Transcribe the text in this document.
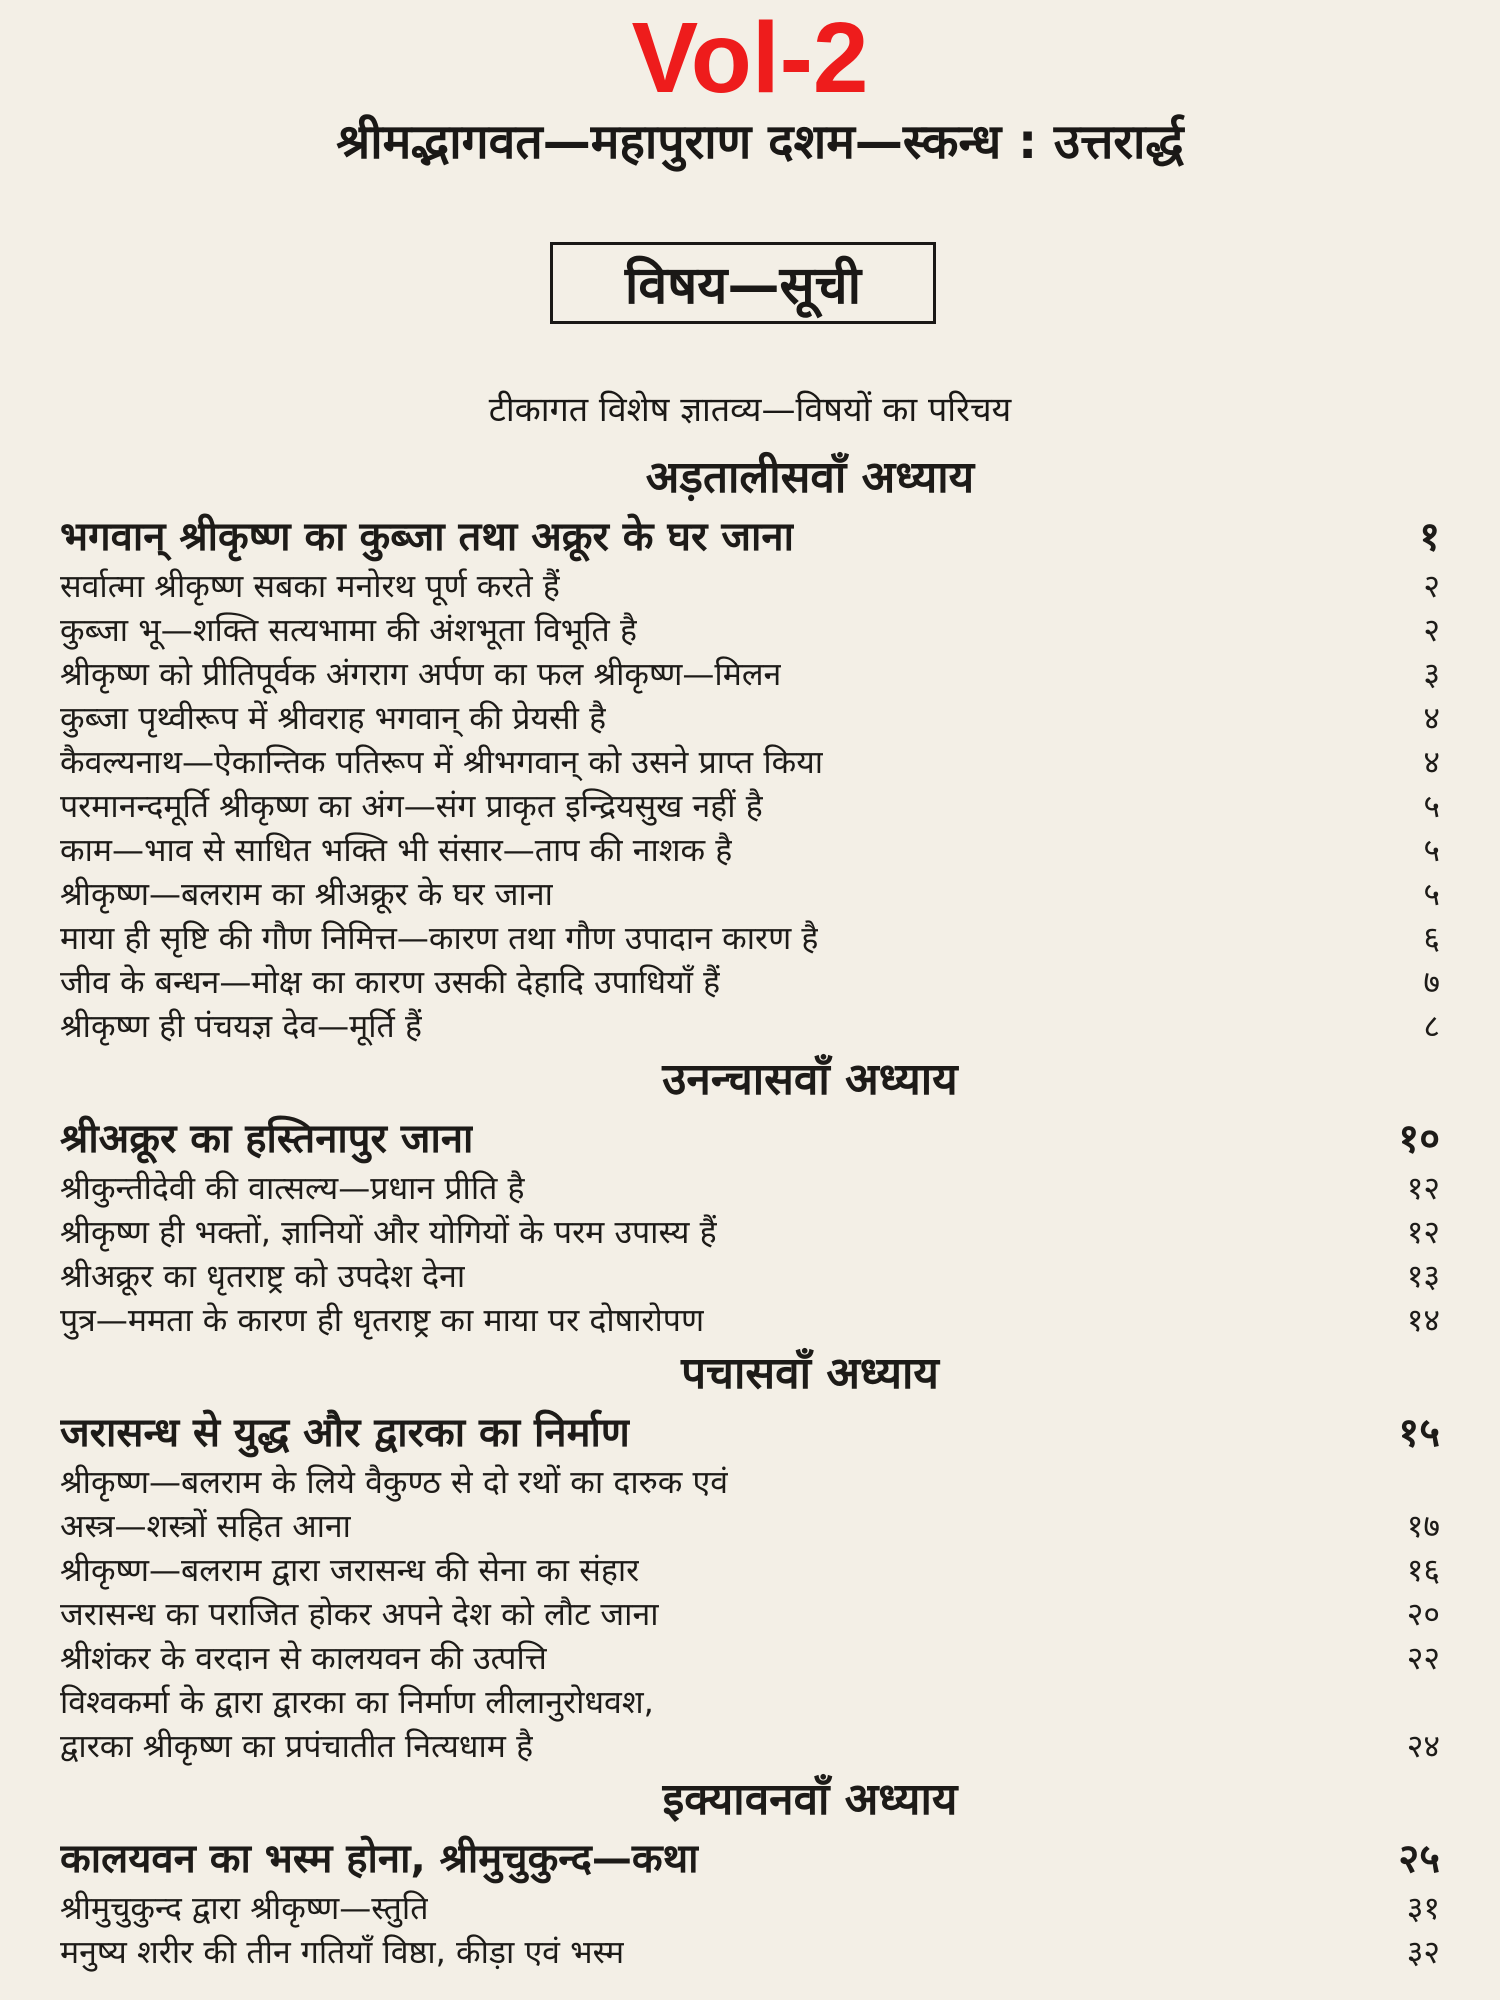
Vol-2
श्रीमद्भागवत—महापुराण दशम—स्कन्ध : उत्तरार्द्ध
विषय—सूची
टीकागत विशेष ज्ञातव्य—विषयों का परिचय
अड़तालीसवाँ अध्याय
भगवान् श्रीकृष्ण का कुब्जा तथा अक्रूर के घर जाना	१
सर्वात्मा श्रीकृष्ण सबका मनोरथ पूर्ण करते हैं	२
कुब्जा भू—शक्ति सत्यभामा की अंशभूता विभूति है	२
श्रीकृष्ण को प्रीतिपूर्वक अंगराग अर्पण का फल श्रीकृष्ण—मिलन	३
कुब्जा पृथ्वीरूप में श्रीवराह भगवान् की प्रेयसी है	४
कैवल्यनाथ—ऐकान्तिक पतिरूप में श्रीभगवान् को उसने प्राप्त किया	४
परमानन्दमूर्ति श्रीकृष्ण का अंग—संग प्राकृत इन्द्रियसुख नहीं है	५
काम—भाव से साधित भक्ति भी संसार—ताप की नाशक है	५
श्रीकृष्ण—बलराम का श्रीअक्रूर के घर जाना	५
माया ही सृष्टि की गौण निमित्त—कारण तथा गौण उपादान कारण है	६
जीव के बन्धन—मोक्ष का कारण उसकी देहादि उपाधियाँ हैं	७
श्रीकृष्ण ही पंचयज्ञ देव—मूर्ति हैं	८
उनन्चासवाँ अध्याय
श्रीअक्रूर का हस्तिनापुर जाना	१०
श्रीकुन्तीदेवी की वात्सल्य—प्रधान प्रीति है	१२
श्रीकृष्ण ही भक्तों, ज्ञानियों और योगियों के परम उपास्य हैं	१२
श्रीअक्रूर का धृतराष्ट्र को उपदेश देना	१३
पुत्र—ममता के कारण ही धृतराष्ट्र का माया पर दोषारोपण	१४
पचासवाँ अध्याय
जरासन्ध से युद्ध और द्वारका का निर्माण	१५
श्रीकृष्ण—बलराम के लिये वैकुण्ठ से दो रथों का दारुक एवं
अस्त्र—शस्त्रों सहित आना	१७
श्रीकृष्ण—बलराम द्वारा जरासन्ध की सेना का संहार	१६
जरासन्ध का पराजित होकर अपने देश को लौट जाना	२०
श्रीशंकर के वरदान से कालयवन की उत्पत्ति	२२
विश्वकर्मा के द्वारा द्वारका का निर्माण लीलानुरोधवश,
द्वारका श्रीकृष्ण का प्रपंचातीत नित्यधाम है	२४
इक्यावनवाँ अध्याय
कालयवन का भस्म होना, श्रीमुचुकुन्द—कथा	२५
श्रीमुचुकुन्द द्वारा श्रीकृष्ण—स्तुति	३१
मनुष्य शरीर की तीन गतियाँ विष्ठा, कीड़ा एवं भस्म	३२
